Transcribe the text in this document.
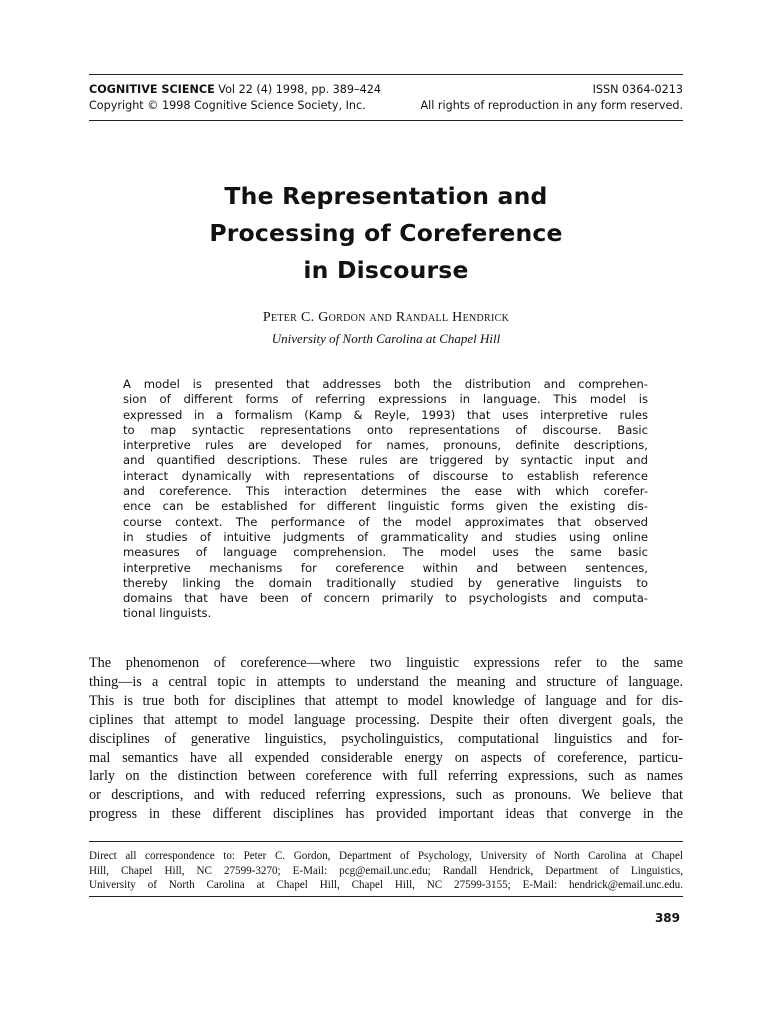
COGNITIVE SCIENCE Vol 22 (4) 1998, pp. 389–424	ISSN 0364-0213
Copyright © 1998 Cognitive Science Society, Inc.	All rights of reproduction in any form reserved.
The Representation and
Processing of Coreference
in Discourse
Peter C. Gordon and Randall Hendrick
University of North Carolina at Chapel Hill
A model is presented that addresses both the distribution and comprehen-
sion of different forms of referring expressions in language. This model is
expressed in a formalism (Kamp & Reyle, 1993) that uses interpretive rules
to map syntactic representations onto representations of discourse. Basic
interpretive rules are developed for names, pronouns, definite descriptions,
and quantified descriptions. These rules are triggered by syntactic input and
interact dynamically with representations of discourse to establish reference
and coreference. This interaction determines the ease with which corefer-
ence can be established for different linguistic forms given the existing dis-
course context. The performance of the model approximates that observed
in studies of intuitive judgments of grammaticality and studies using online
measures of language comprehension. The model uses the same basic
interpretive mechanisms for coreference within and between sentences,
thereby linking the domain traditionally studied by generative linguists to
domains that have been of concern primarily to psychologists and computa-
tional linguists.
The phenomenon of coreference—where two linguistic expressions refer to the same
thing—is a central topic in attempts to understand the meaning and structure of language.
This is true both for disciplines that attempt to model knowledge of language and for dis-
ciplines that attempt to model language processing. Despite their often divergent goals, the
disciplines of generative linguistics, psycholinguistics, computational linguistics and for-
mal semantics have all expended considerable energy on aspects of coreference, particu-
larly on the distinction between coreference with full referring expressions, such as names
or descriptions, and with reduced referring expressions, such as pronouns. We believe that
progress in these different disciplines has provided important ideas that converge in the
Direct all correspondence to: Peter C. Gordon, Department of Psychology, University of North Carolina at Chapel
Hill, Chapel Hill, NC 27599-3270; E-Mail: pcg@email.unc.edu; Randall Hendrick, Department of Linguistics,
University of North Carolina at Chapel Hill, Chapel Hill, NC 27599-3155; E-Mail: hendrick@email.unc.edu.
389
